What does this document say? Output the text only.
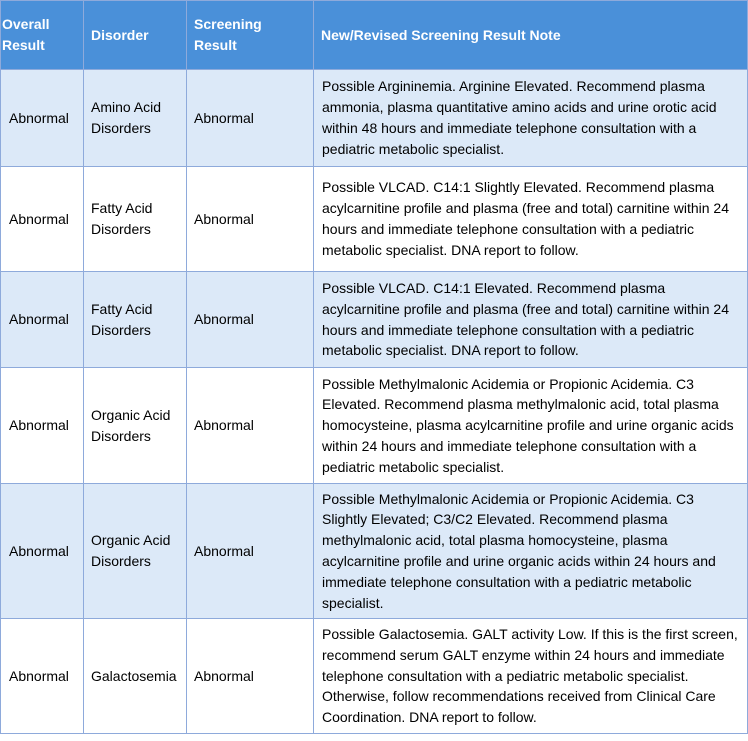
Overall Result	Disorder	Screening Result	New/Revised Screening Result Note
Abnormal	Amino Acid Disorders	Abnormal	Possible Argininemia. Arginine Elevated. Recommend plasma ammonia, plasma quantitative amino acids and urine orotic acid within 48 hours and immediate telephone consultation with a pediatric metabolic specialist.
Abnormal	Fatty Acid Disorders	Abnormal	Possible VLCAD. C14:1 Slightly Elevated. Recommend plasma acylcarnitine profile and plasma (free and total) carnitine within 24 hours and immediate telephone consultation with a pediatric metabolic specialist. DNA report to follow.
Abnormal	Fatty Acid Disorders	Abnormal	Possible VLCAD. C14:1 Elevated. Recommend plasma acylcarnitine profile and plasma (free and total) carnitine within 24 hours and immediate telephone consultation with a pediatric metabolic specialist. DNA report to follow.
Abnormal	Organic Acid Disorders	Abnormal	Possible Methylmalonic Acidemia or Propionic Acidemia. C3 Elevated. Recommend plasma methylmalonic acid, total plasma homocysteine, plasma acylcarnitine profile and urine organic acids within 24 hours and immediate telephone consultation with a pediatric metabolic specialist.
Abnormal	Organic Acid Disorders	Abnormal	Possible Methylmalonic Acidemia or Propionic Acidemia. C3 Slightly Elevated; C3/C2 Elevated. Recommend plasma methylmalonic acid, total plasma homocysteine, plasma acylcarnitine profile and urine organic acids within 24 hours and immediate telephone consultation with a pediatric metabolic specialist.
Abnormal	Galactosemia	Abnormal	Possible Galactosemia. GALT activity Low. If this is the first screen, recommend serum GALT enzyme within 24 hours and immediate telephone consultation with a pediatric metabolic specialist. Otherwise, follow recommendations received from Clinical Care Coordination. DNA report to follow.
